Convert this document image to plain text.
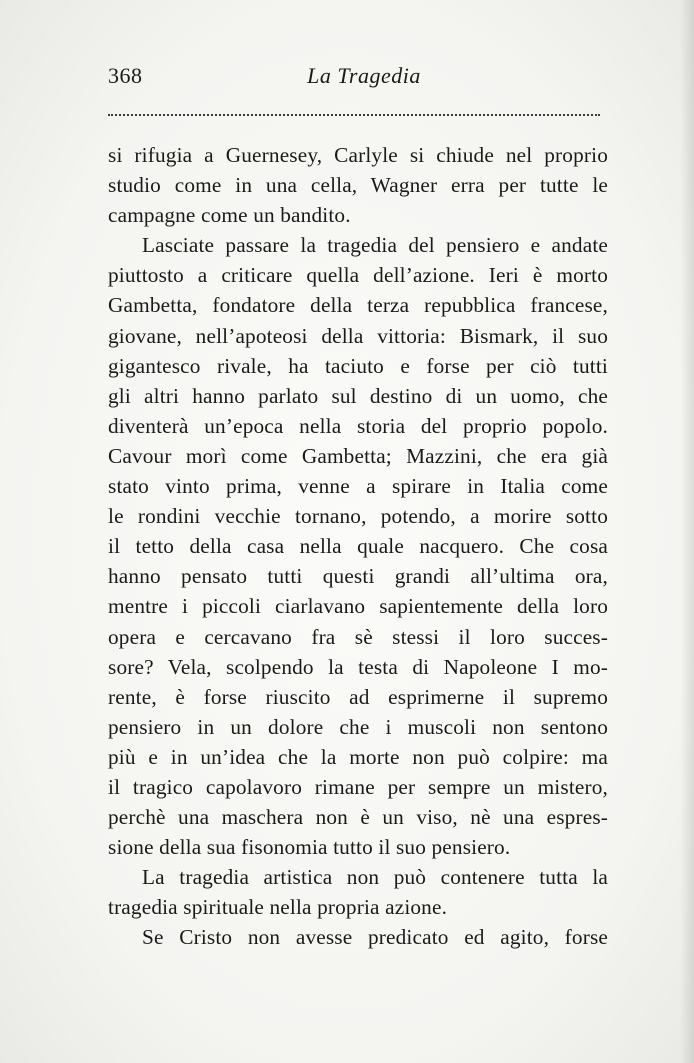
368	La Tragedia
si rifugia a Guernesey, Carlyle si chiude nel proprio
studio come in una cella, Wagner erra per tutte le
campagne come un bandito.
Lasciate passare la tragedia del pensiero e andate
piuttosto a criticare quella dell’azione. Ieri è morto
Gambetta, fondatore della terza repubblica francese,
giovane, nell’apoteosi della vittoria: Bismark, il suo
gigantesco rivale, ha taciuto e forse per ciò tutti
gli altri hanno parlato sul destino di un uomo, che
diventerà un’epoca nella storia del proprio popolo.
Cavour morì come Gambetta; Mazzini, che era già
stato vinto prima, venne a spirare in Italia come
le rondini vecchie tornano, potendo, a morire sotto
il tetto della casa nella quale nacquero. Che cosa
hanno pensato tutti questi grandi all’ultima ora,
mentre i piccoli ciarlavano sapientemente della loro
opera e cercavano fra sè stessi il loro succes-
sore? Vela, scolpendo la testa di Napoleone I mo-
rente, è forse riuscito ad esprimerne il supremo
pensiero in un dolore che i muscoli non sentono
più e in un’idea che la morte non può colpire: ma
il tragico capolavoro rimane per sempre un mistero,
perchè una maschera non è un viso, nè una espres-
sione della sua fisonomia tutto il suo pensiero.
La tragedia artistica non può contenere tutta la
tragedia spirituale nella propria azione.
Se Cristo non avesse predicato ed agito, forse
